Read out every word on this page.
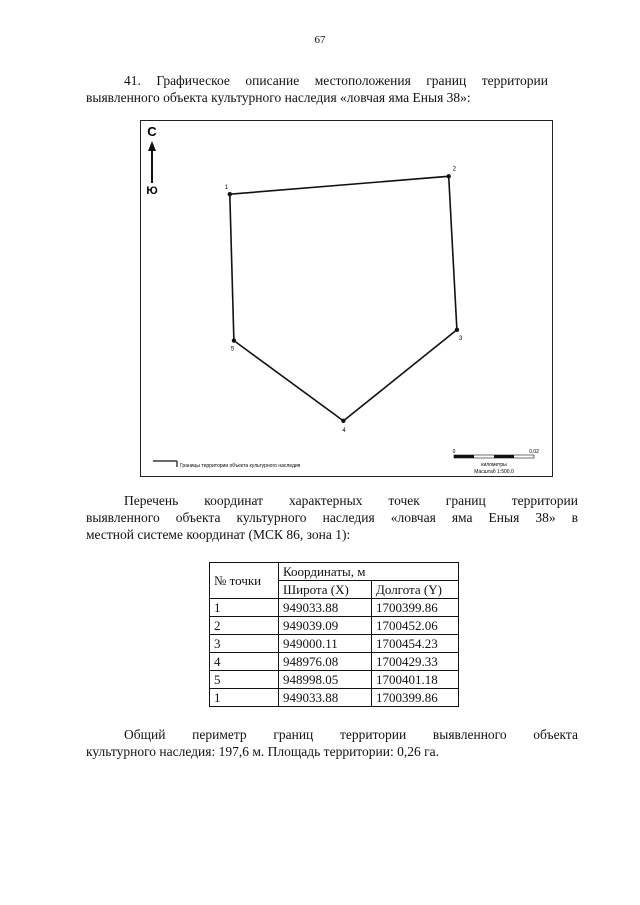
67
41. Графическое описание местоположения границ территории
выявленного объекта культурного наследия «ловчая яма Еныя 38»:
С
Ю	1
2
3
4
5
Границы территории объекта культурного наследия
0	0.02
километры
Масштаб 1:500.0
Перечень координат характерных точек границ территории
выявленного объекта культурного наследия «ловчая яма Еныя 38» в
местной системе координат (МСК 86, зона 1):
№ точки	Координаты, м	
	Широта (X)	Долгота (Y)
1	949033.88	1700399.86
2	949039.09	1700452.06
3	949000.11	1700454.23
4	948976.08	1700429.33
5	948998.05	1700401.18
1	949033.88	1700399.86
Общий периметр границ территории выявленного объекта
культурного наследия: 197,6 м. Площадь территории: 0,26 га.
